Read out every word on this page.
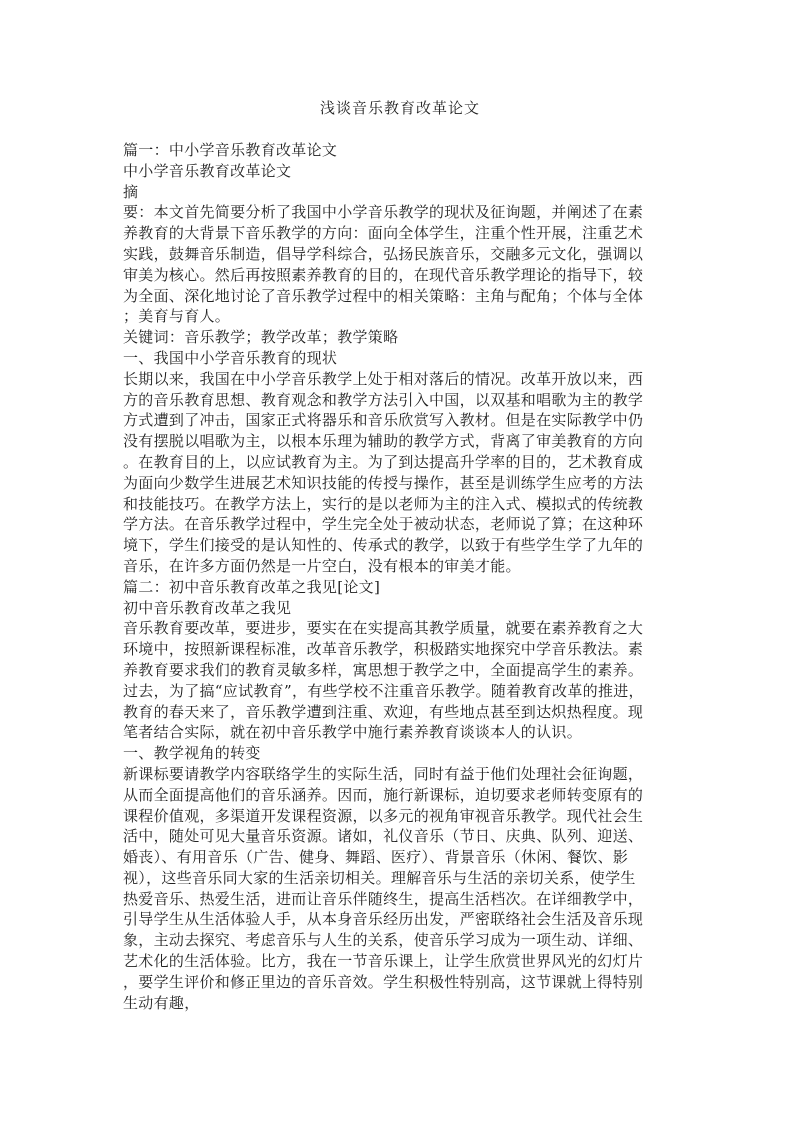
浅谈音乐教育改革论文
篇一：中小学音乐教育改革论文
中小学音乐教育改革论文
摘
要：本文首先简要分析了我国中小学音乐教学的现状及征询题，并阐述了在素
养教育的大背景下音乐教学的方向：面向全体学生，注重个性开展，注重艺术
实践，鼓舞音乐制造，倡导学科综合，弘扬民族音乐，交融多元文化，强调以
审美为核心。然后再按照素养教育的目的，在现代音乐教学理论的指导下，较
为全面、深化地讨论了音乐教学过程中的相关策略：主角与配角；个体与全体
；美育与育人。
关键词：音乐教学；教学改革；教学策略
一、我国中小学音乐教育的现状
长期以来，我国在中小学音乐教学上处于相对落后的情况。改革开放以来，西
方的音乐教育思想、教育观念和教学方法引入中国，以双基和唱歌为主的教学
方式遭到了冲击，国家正式将器乐和音乐欣赏写入教材。但是在实际教学中仍
没有摆脱以唱歌为主，以根本乐理为辅助的教学方式，背离了审美教育的方向
。在教育目的上，以应试教育为主。为了到达提高升学率的目的，艺术教育成
为面向少数学生进展艺术知识技能的传授与操作，甚至是训练学生应考的方法
和技能技巧。在教学方法上，实行的是以老师为主的注入式、模拟式的传统教
学方法。在音乐教学过程中，学生完全处于被动状态，老师说了算；在这种环
境下，学生们接受的是认知性的、传承式的教学，以致于有些学生学了九年的
音乐，在许多方面仍然是一片空白，没有根本的审美才能。
篇二：初中音乐教育改革之我见[论文]
初中音乐教育改革之我见
音乐教育要改革，要进步，要实在在实提高其教学质量，就要在素养教育之大
环境中，按照新课程标准，改革音乐教学，积极踏实地探究中学音乐教法。素
养教育要求我们的教育灵敏多样，寓思想于教学之中，全面提高学生的素养。
过去，为了搞“应试教育”，有些学校不注重音乐教学。随着教育改革的推进，
教育的春天来了，音乐教学遭到注重、欢迎，有些地点甚至到达炽热程度。现
笔者结合实际，就在初中音乐教学中施行素养教育谈谈本人的认识。
一、教学视角的转变
新课标要请教学内容联络学生的实际生活，同时有益于他们处理社会征询题，
从而全面提高他们的音乐涵养。因而，施行新课标，迫切要求老师转变原有的
课程价值观，多渠道开发课程资源，以多元的视角审视音乐教学。现代社会生
活中，随处可见大量音乐资源。诸如，礼仪音乐（节日、庆典、队列、迎送、
婚丧）、有用音乐（广告、健身、舞蹈、医疗）、背景音乐（休闲、餐饮、影
视），这些音乐同大家的生活亲切相关。理解音乐与生活的亲切关系，使学生
热爱音乐、热爱生活，进而让音乐伴随终生，提高生活档次。在详细教学中，
引导学生从生活体验人手，从本身音乐经历出发，严密联络社会生活及音乐现
象，主动去探究、考虑音乐与人生的关系，使音乐学习成为一项生动、详细、
艺术化的生活体验。比方，我在一节音乐课上，让学生欣赏世界风光的幻灯片
，要学生评价和修正里边的音乐音效。学生积极性特别高，这节课就上得特别
生动有趣，
